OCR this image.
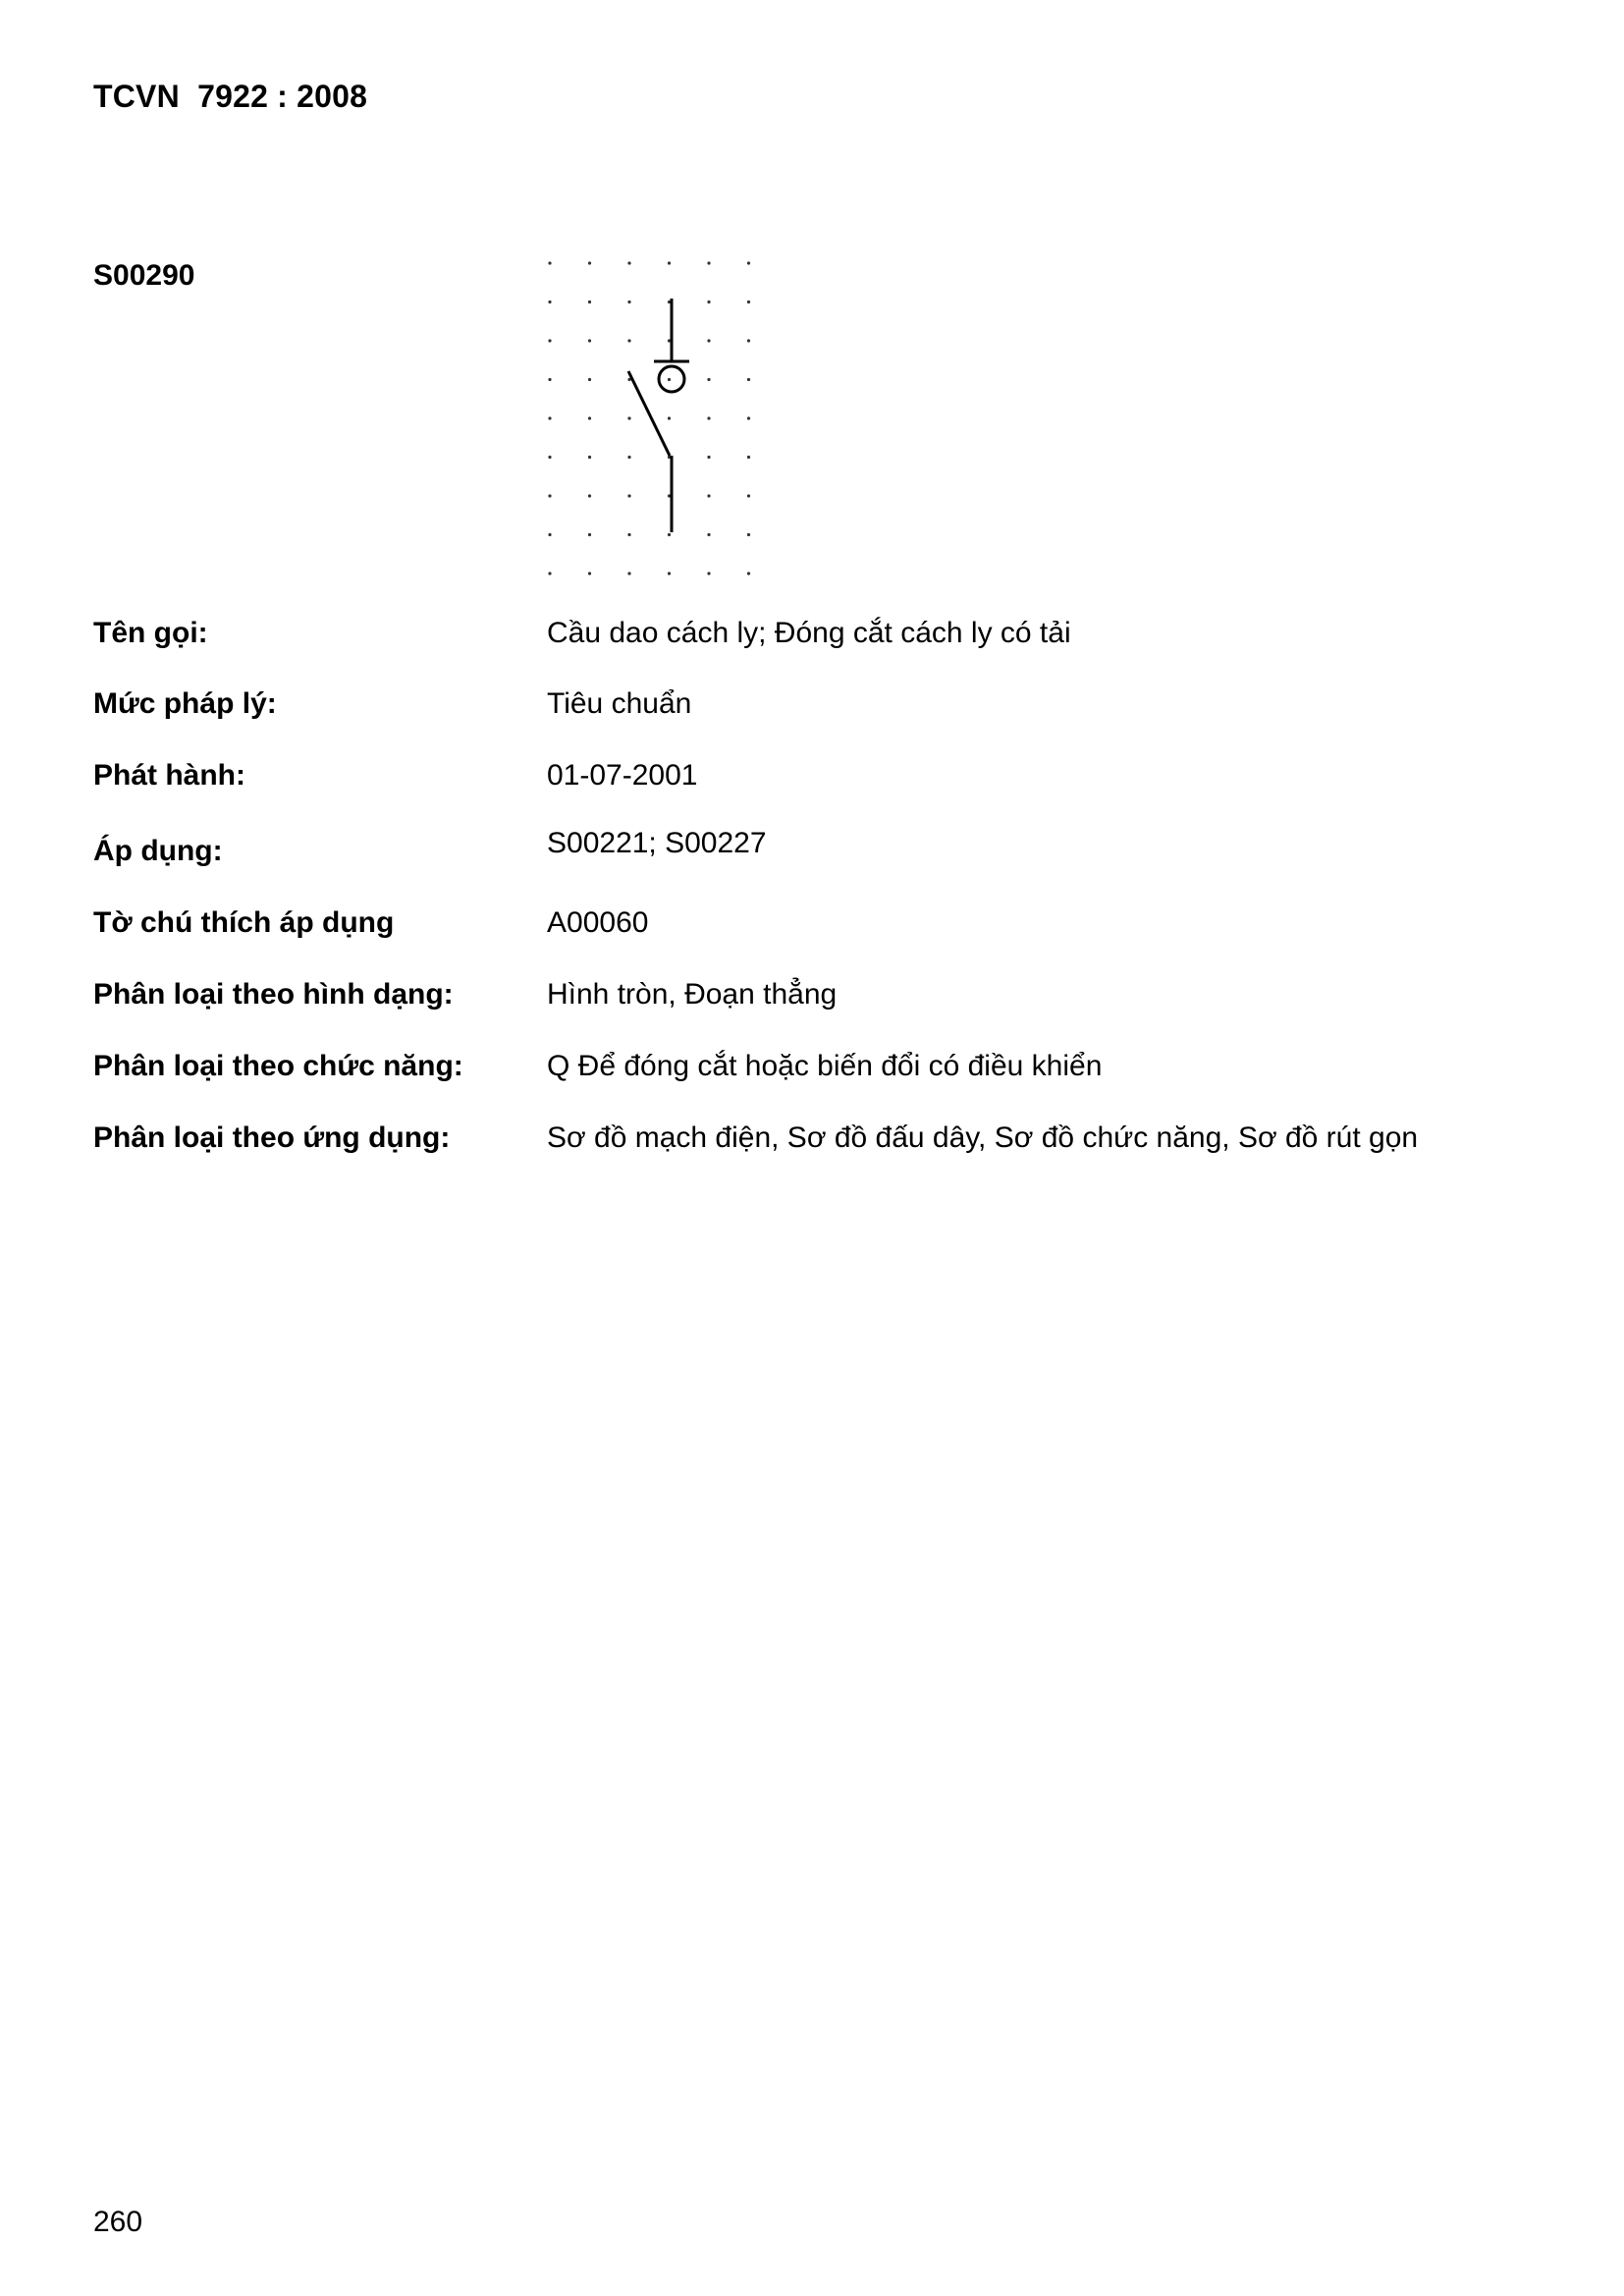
TCVN  7922 : 2008
S00290
Tên gọi:	Cầu dao cách ly; Đóng cắt cách ly có tải
Mức pháp lý:	Tiêu chuẩn
Phát hành:	01-07-2001
Áp dụng:	S00221; S00227
Tờ chú thích áp dụng	A00060
Phân loại theo hình dạng:	Hình tròn, Đoạn thẳng
Phân loại theo chức năng:	Q Để đóng cắt hoặc biến đổi có điều khiển
Phân loại theo ứng dụng:	Sơ đồ mạch điện, Sơ đồ đấu dây, Sơ đồ chức năng, Sơ đồ rút gọn
260
